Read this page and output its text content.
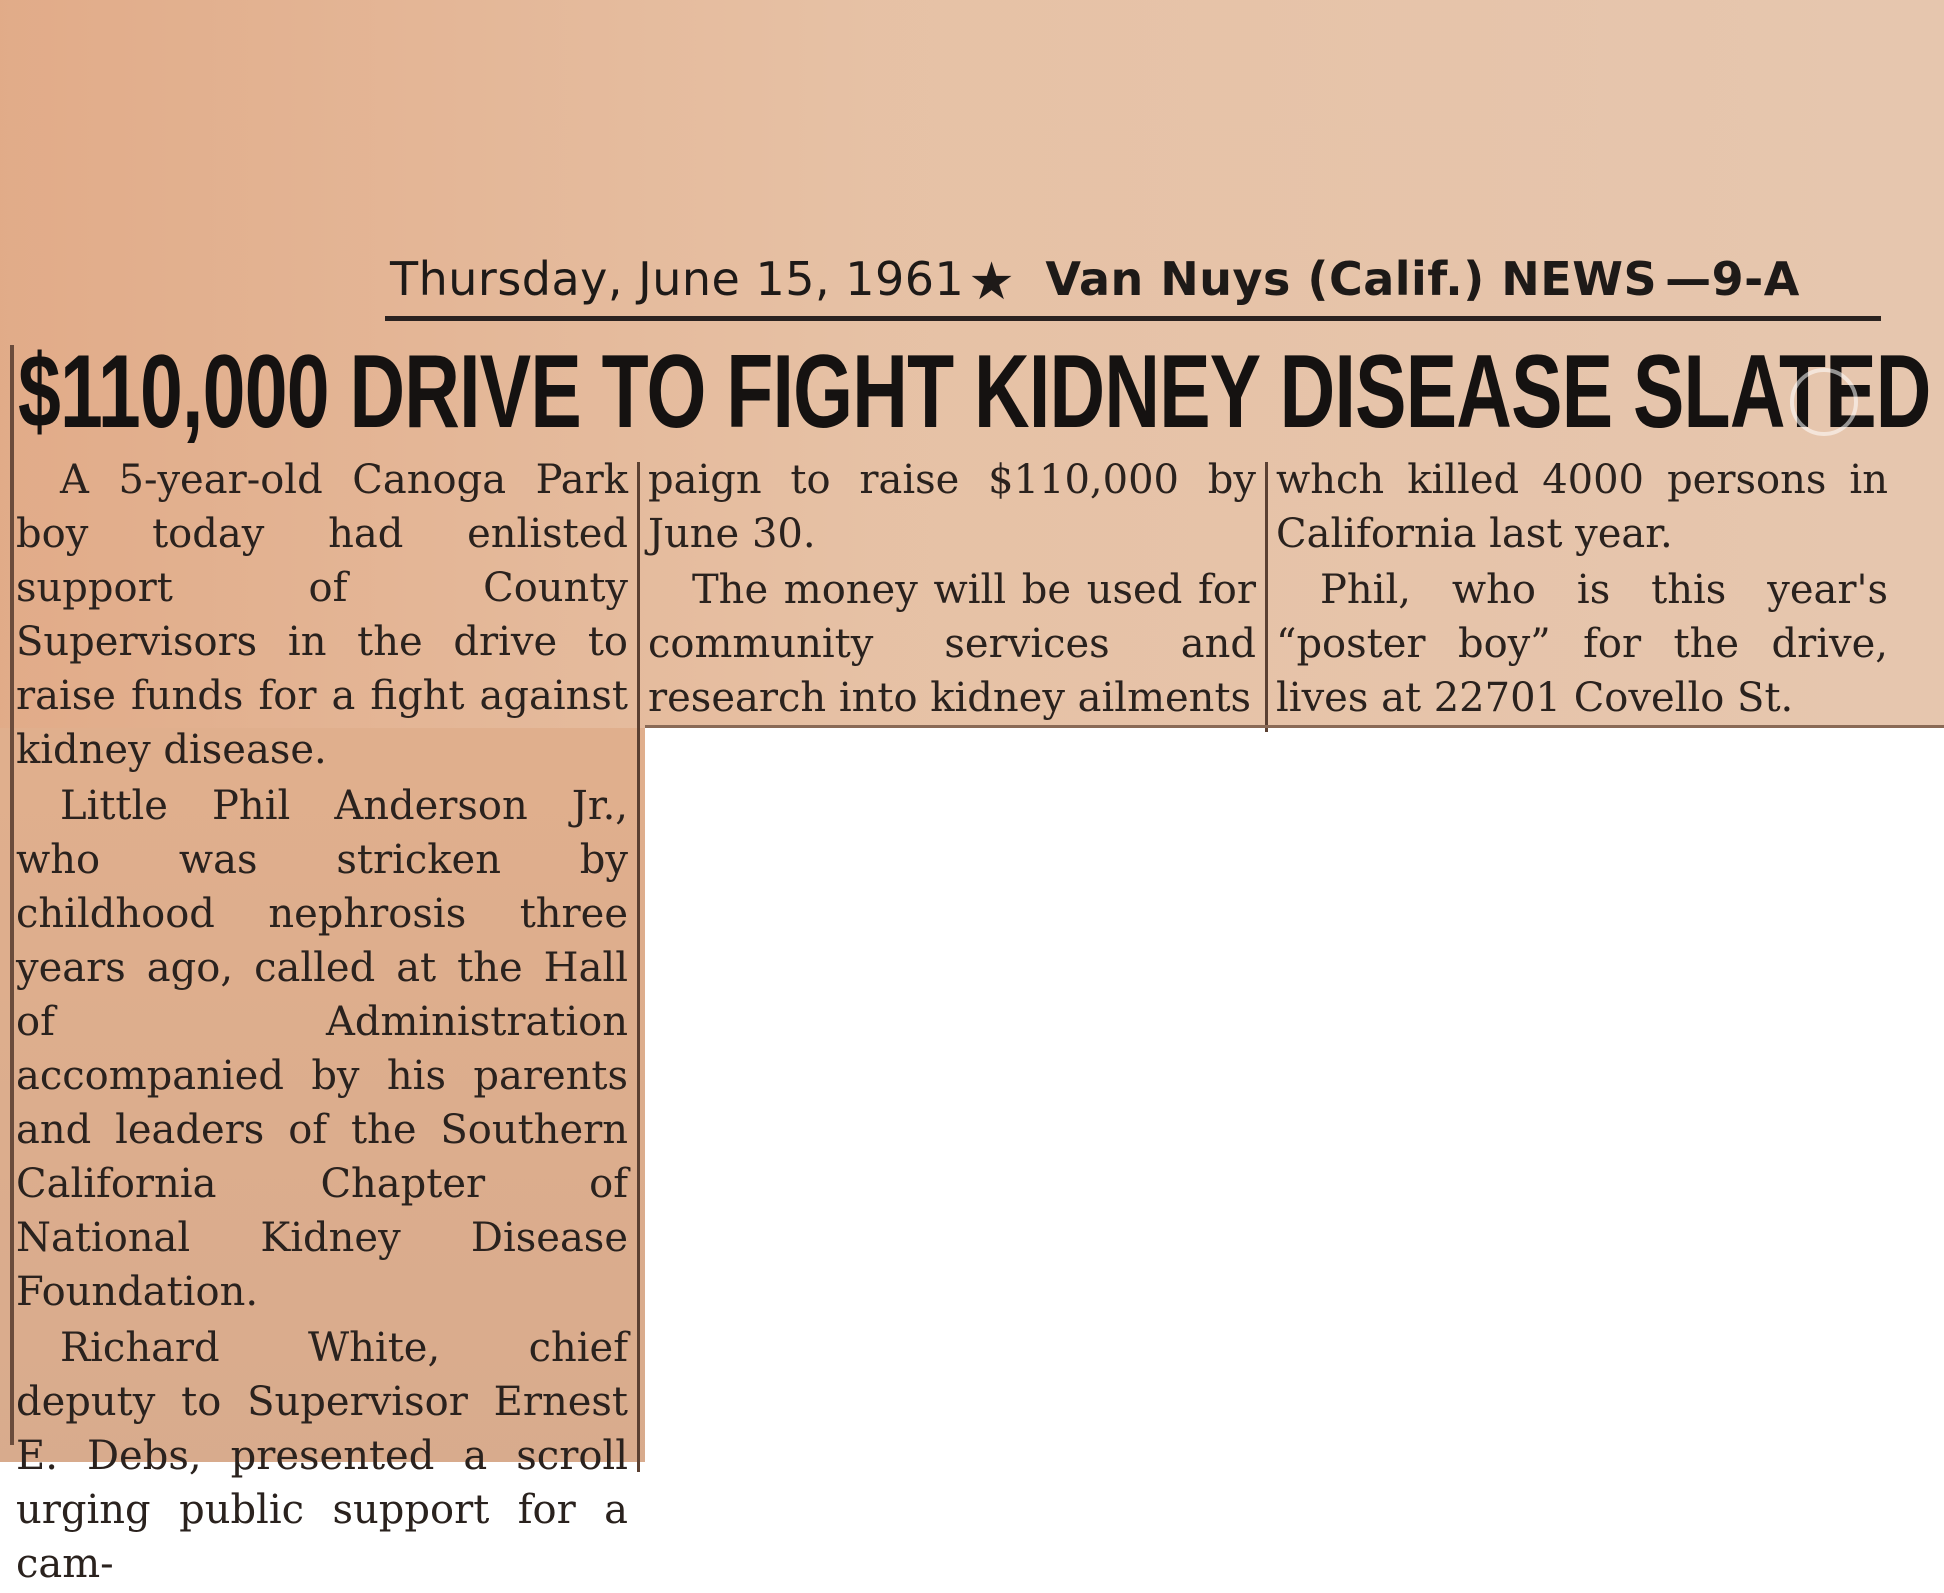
Thursday, June 15, 1961★ Van Nuys (Calif.) NEWS —9-A
$110,000 DRIVE TO FIGHT KIDNEY DISEASE SLATED

A 5-year-old Canoga Park boy today had enlisted support of County Supervisors in the drive to raise funds for a fight against kidney disease.

Little Phil Anderson Jr., who was stricken by childhood nephrosis three years ago, called at the Hall of Administration accompanied by his parents and leaders of the Southern California Chapter of National Kidney Disease Foundation.

Richard White, chief deputy to Supervisor Ernest E. Debs, presented a scroll urging public support for a cam-

paign to raise $110,000 by June 30.

The money will be used for community services and research into kidney ailments

whch killed 4000 persons in California last year.

Phil, who is this year's “poster boy” for the drive, lives at 22701 Covello St.
